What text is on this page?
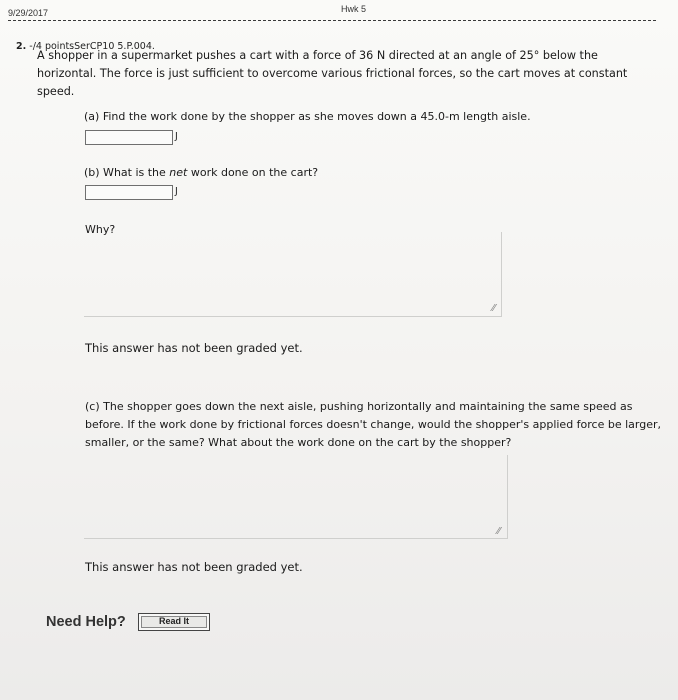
9/29/2017	Hwk 5
2. -/4 pointsSerCP10 5.P.004.
A shopper in a supermarket pushes a cart with a force of 36 N directed at an angle of 25° below the horizontal. The force is just sufficient to overcome various frictional forces, so the cart moves at constant speed.
(a) Find the work done by the shopper as she moves down a 45.0-m length aisle.
J
(b) What is the net work done on the cart?
J
Why?
⁄⁄
This answer has not been graded yet.
(c) The shopper goes down the next aisle, pushing horizontally and maintaining the same speed as before. If the work done by frictional forces doesn't change, would the shopper's applied force be larger, smaller, or the same? What about the work done on the cart by the shopper?
⁄⁄
This answer has not been graded yet.
Need Help?	Read It
